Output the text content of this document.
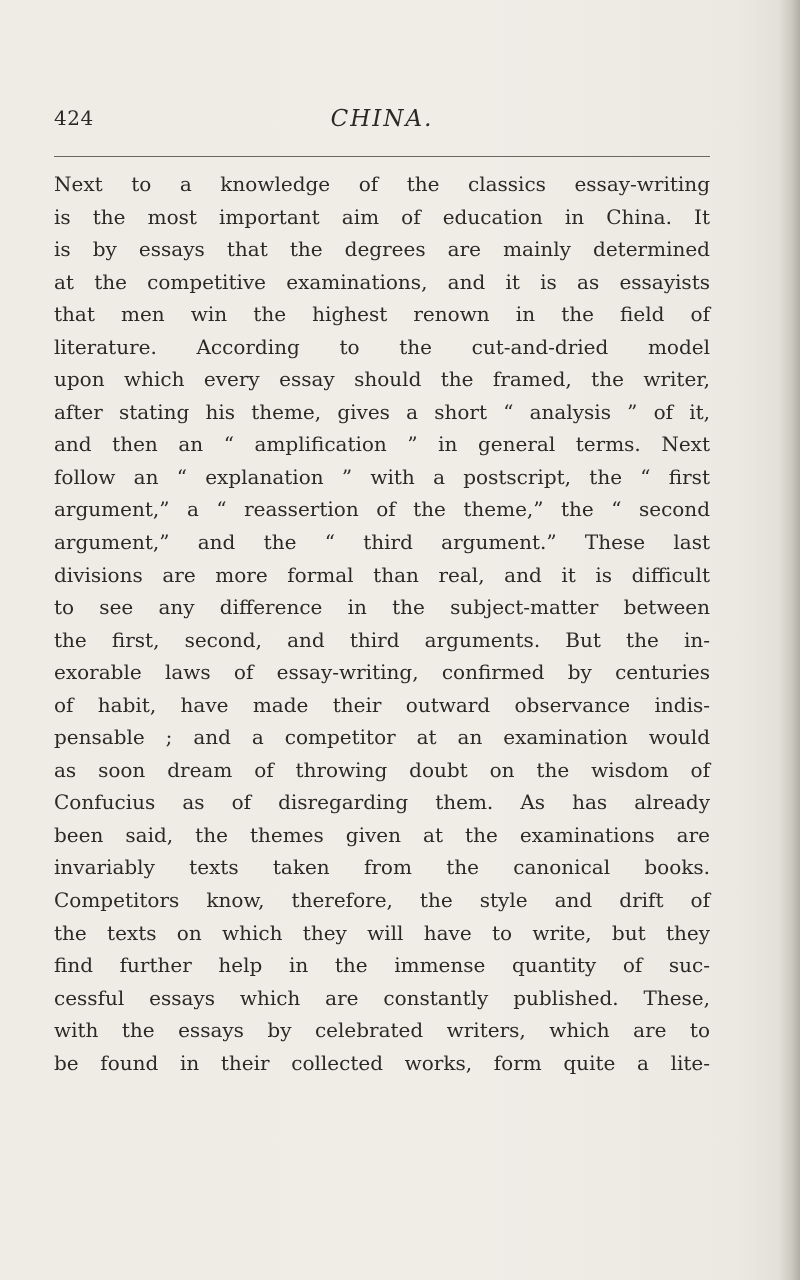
424	CHINA.
Next to a knowledge of the classics essay-writing
is the most important aim of education in China. It
is by essays that the degrees are mainly determined
at the competitive examinations, and it is as essayists
that men win the highest renown in the field of
literature. According to the cut-and-dried model
upon which every essay should the framed, the writer,
after stating his theme, gives a short “ analysis ” of it,
and then an “ amplification ” in general terms. Next
follow an “ explanation ” with a postscript, the “ first
argument,” a “ reassertion of the theme,” the “ second
argument,” and the “ third argument.” These last
divisions are more formal than real, and it is difficult
to see any difference in the subject-matter between
the first, second, and third arguments. But the in-
exorable laws of essay-writing, confirmed by centuries
of habit, have made their outward observance indis-
pensable ; and a competitor at an examination would
as soon dream of throwing doubt on the wisdom of
Confucius as of disregarding them. As has already
been said, the themes given at the examinations are
invariably texts taken from the canonical books.
Competitors know, therefore, the style and drift of
the texts on which they will have to write, but they
find further help in the immense quantity of suc-
cessful essays which are constantly published. These,
with the essays by celebrated writers, which are to
be found in their collected works, form quite a lite-
